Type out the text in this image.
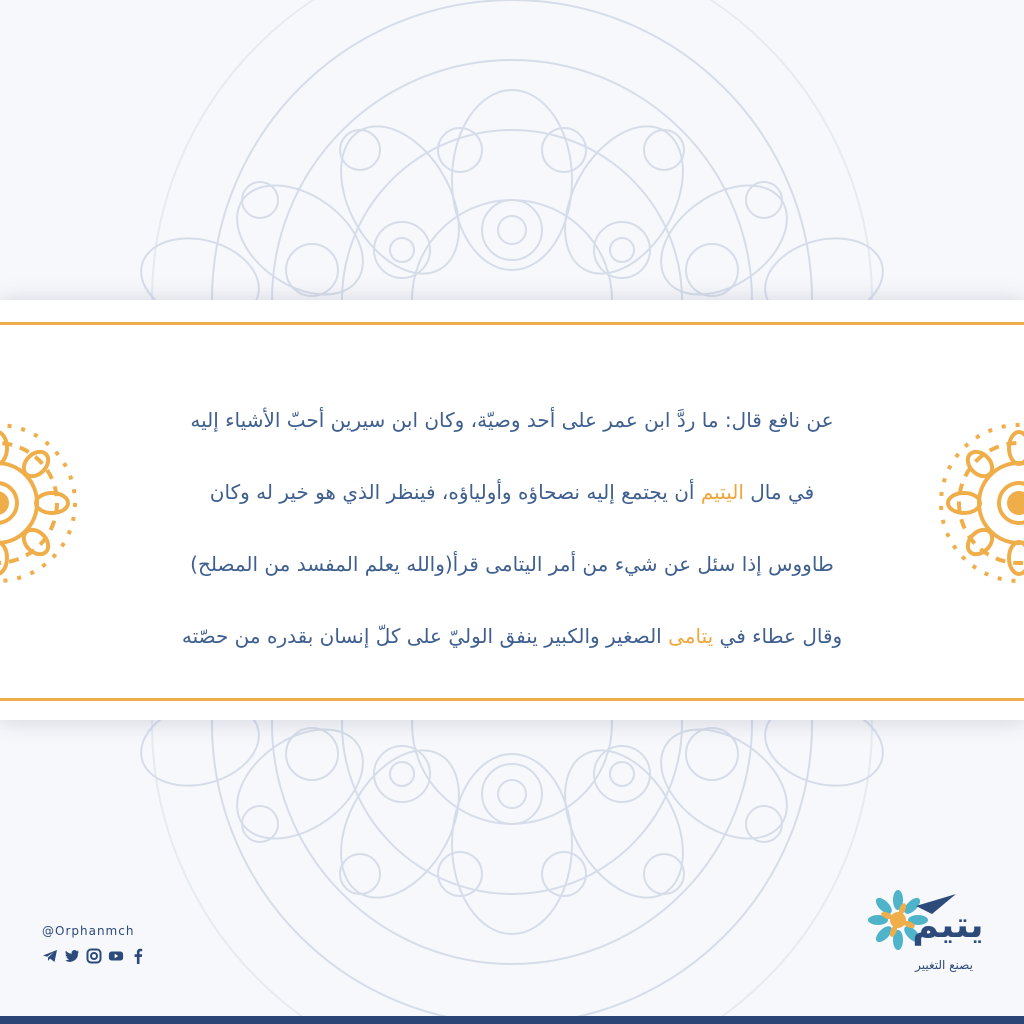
عن نافع قال: ما ردَّ ابن عمر على أحد وصيّة، وكان ابن سيرين أحبّ الأشياء إليه
في مال اليتيم أن يجتمع إليه نصحاؤه وأولياؤه، فينظر الذي هو خير له وكان
طاووس إذا سئل عن شيء من أمر اليتامى قرأ(والله يعلم المفسد من المصلح)
وقال عطاء في يتامى الصغير والكبير ينفق الوليّ على كلّ إنسان بقدره من حصّته
@Orphanmch	يتيم
يصنع التغيير
